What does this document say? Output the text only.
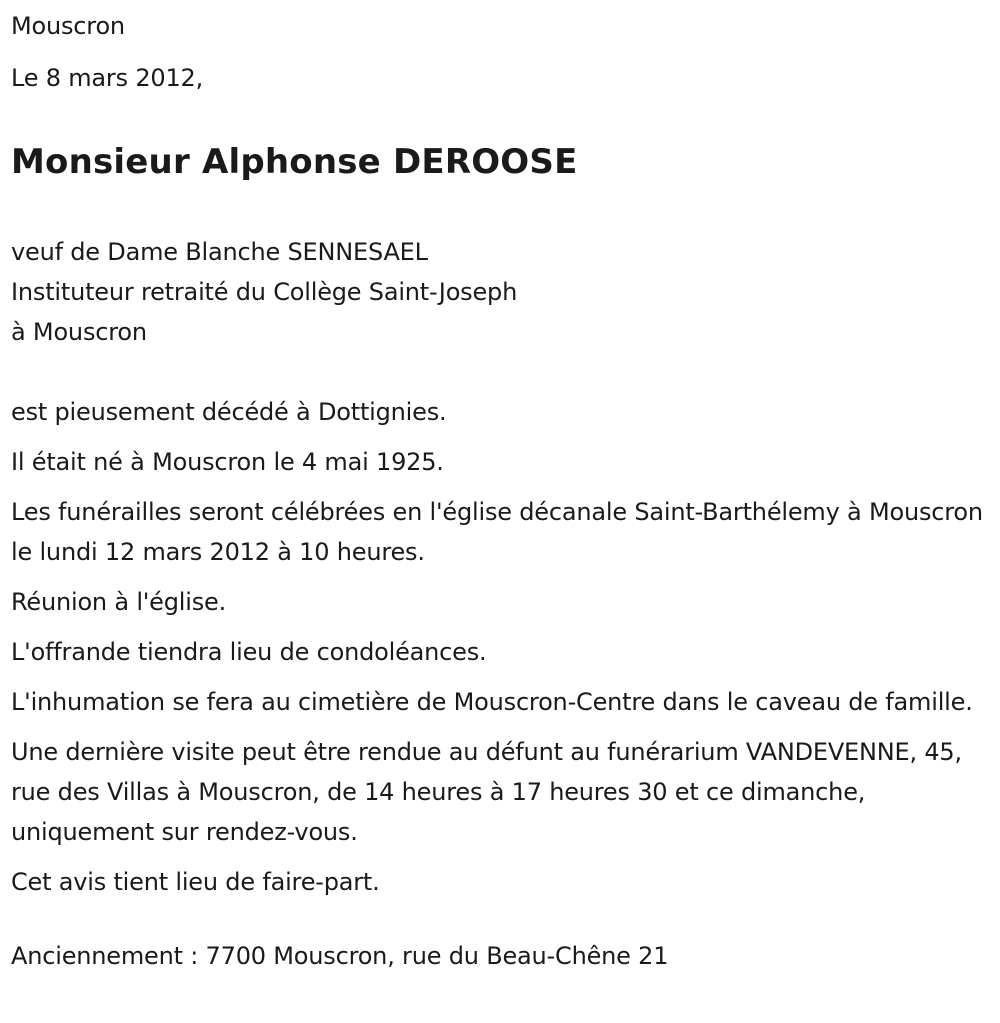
Mouscron
Le 8 mars 2012,
Monsieur Alphonse DEROOSE
veuf de Dame Blanche SENNESAEL
Instituteur retraité du Collège Saint-Joseph
à Mouscron
est pieusement décédé à Dottignies.
Il était né à Mouscron le 4 mai 1925.
Les funérailles seront célébrées en l'église décanale Saint-Barthélemy à Mouscron le lundi 12 mars 2012 à 10 heures.
Réunion à l'église.
L'offrande tiendra lieu de condoléances.
L'inhumation se fera au cimetière de Mouscron-Centre dans le caveau de famille.
Une dernière visite peut être rendue au défunt au funérarium VANDEVENNE, 45, rue des Villas à Mouscron, de 14 heures à 17 heures 30 et ce dimanche, uniquement sur rendez-vous.
Cet avis tient lieu de faire-part.
Anciennement : 7700 Mouscron, rue du Beau-Chêne 21
